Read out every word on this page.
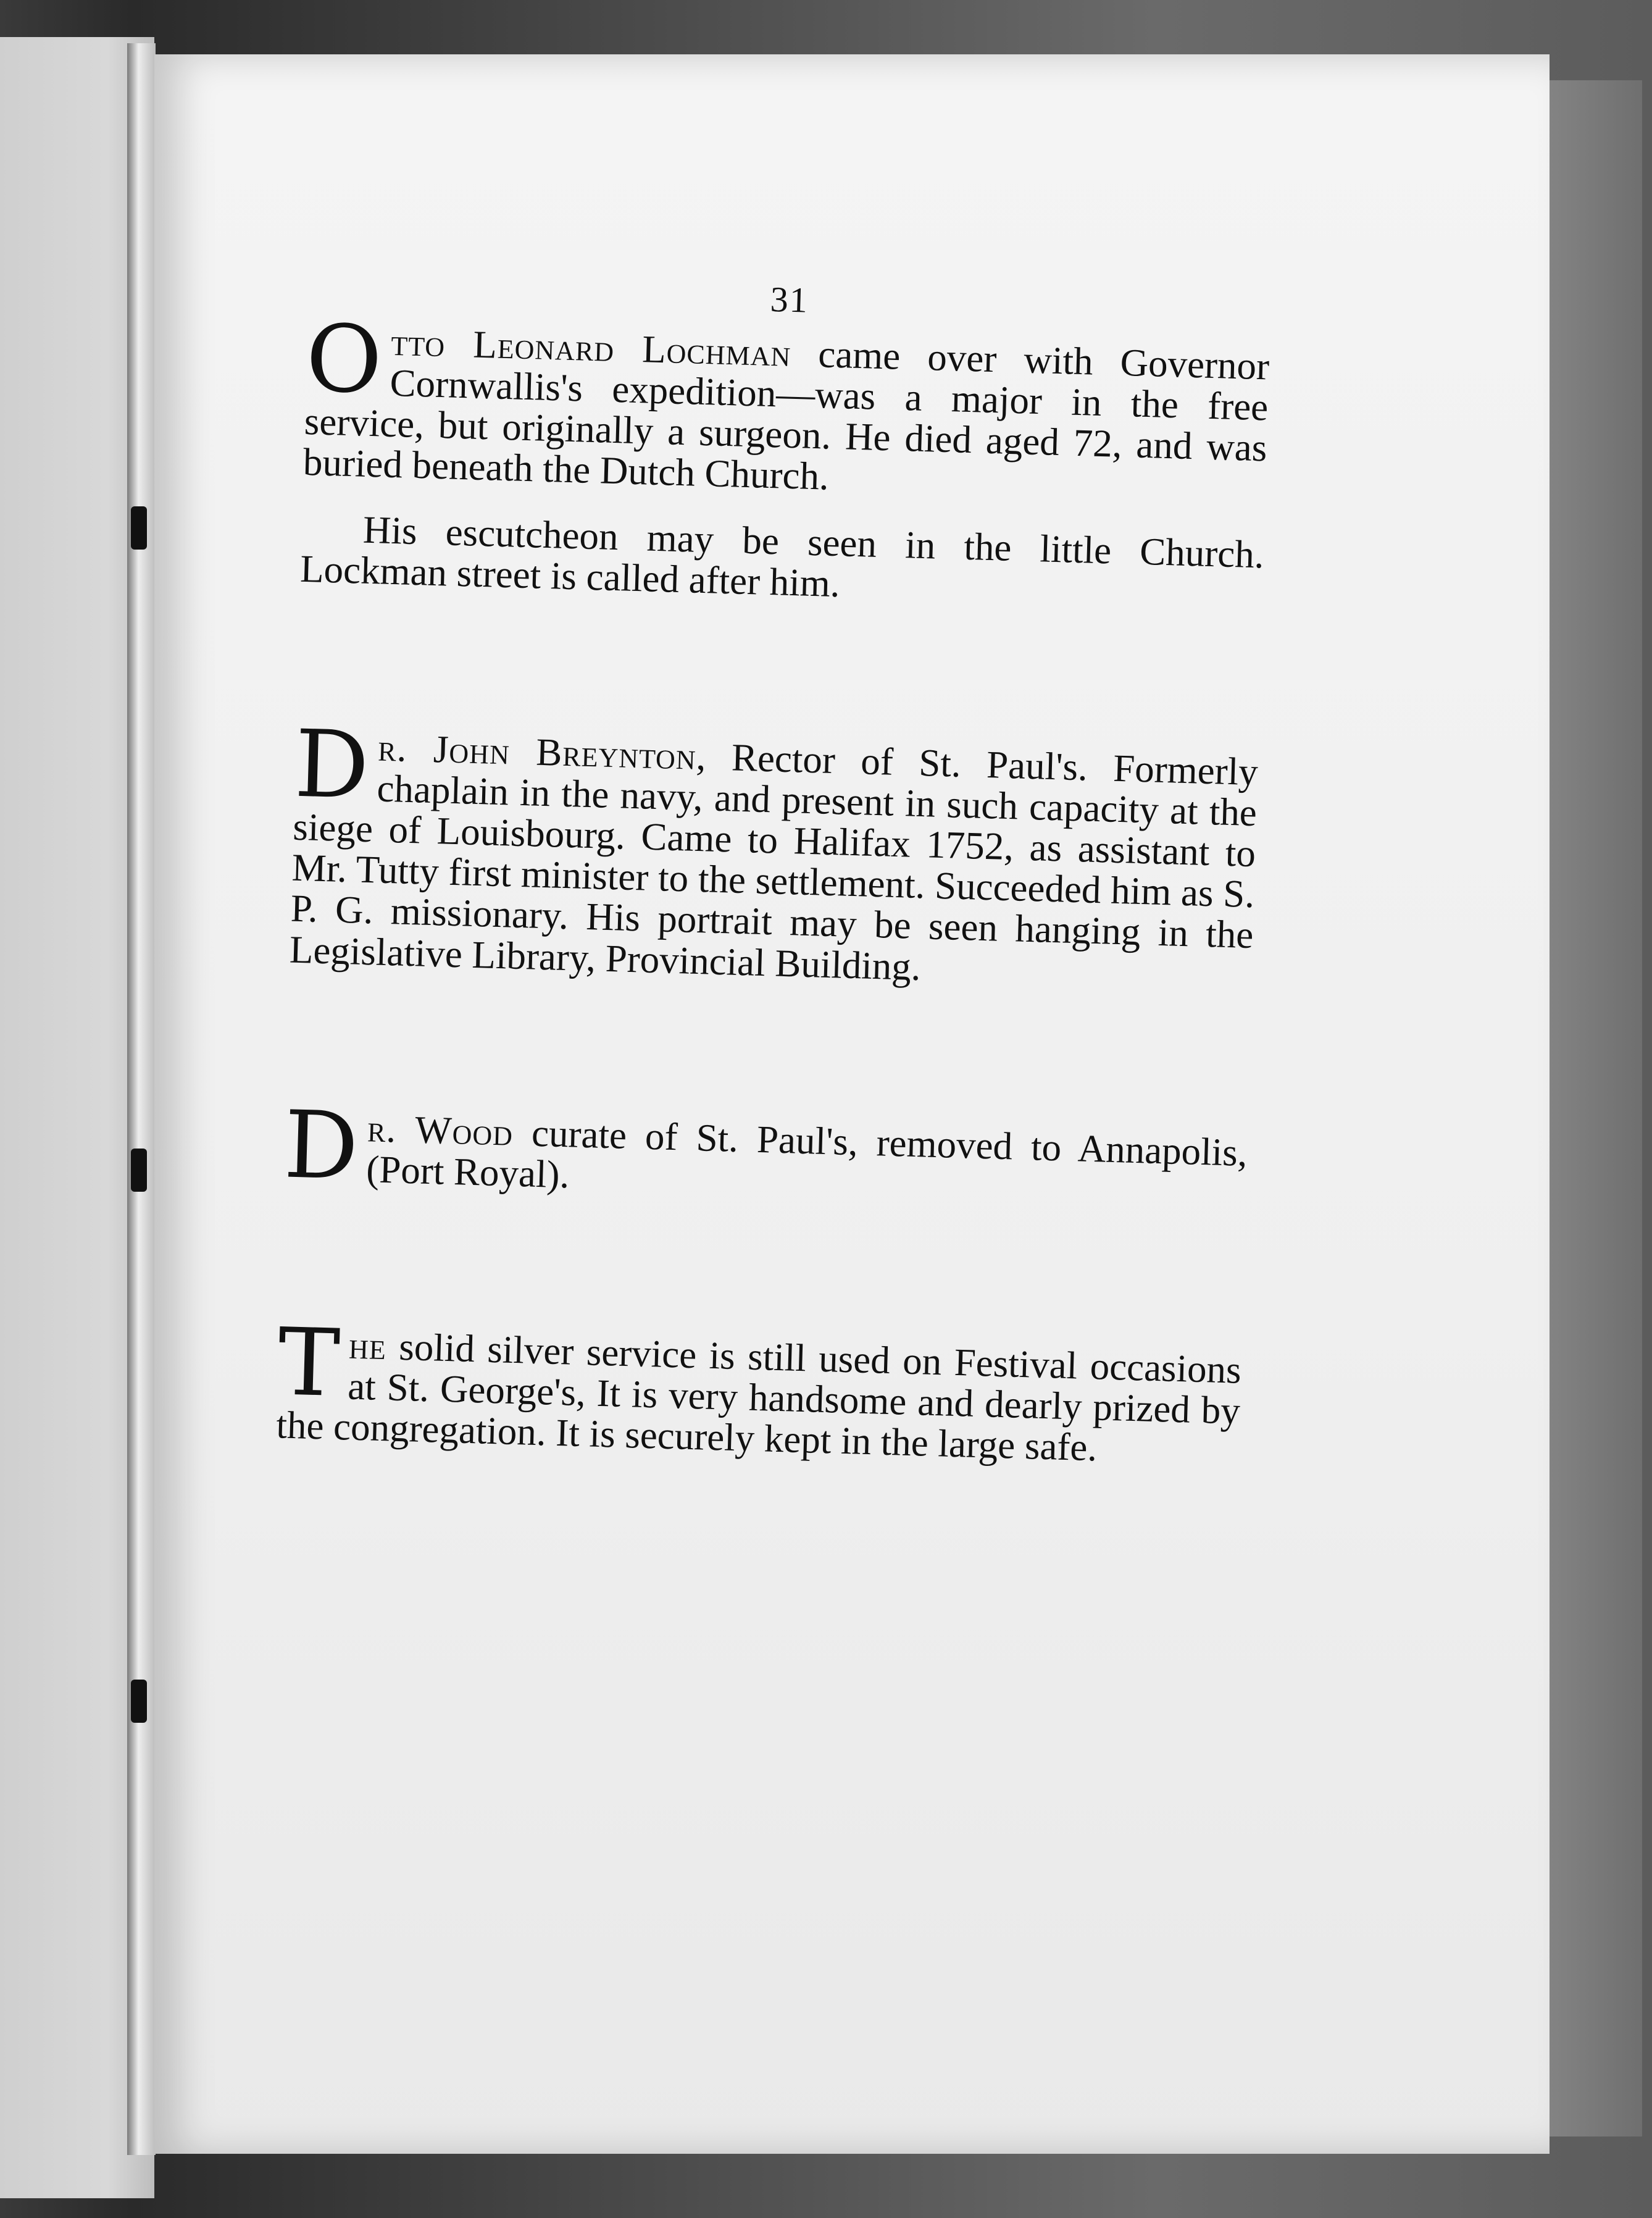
31
O tto Leonard Lochman came over with Governor Cornwallis's expedition—was a major in the free service, but originally a surgeon. He died aged 72, and was buried beneath the Dutch Church.

His escutcheon may be seen in the little Church. Lockman street is called after him.

D r. John Breynton, Rector of St. Paul's. Formerly chaplain in the navy, and present in such capacity at the siege of Louisbourg. Came to Halifax 1752, as assistant to Mr. Tutty first minister to the settlement. Succeeded him as S. P. G. missionary. His portrait may be seen hanging in the Legislative Library, Provincial Building.

D r. Wood curate of St. Paul's, removed to Annapolis, (Port Royal).

T he solid silver service is still used on Festival occasions at St. George's, It is very handsome and dearly prized by the congregation. It is securely kept in the large safe.
